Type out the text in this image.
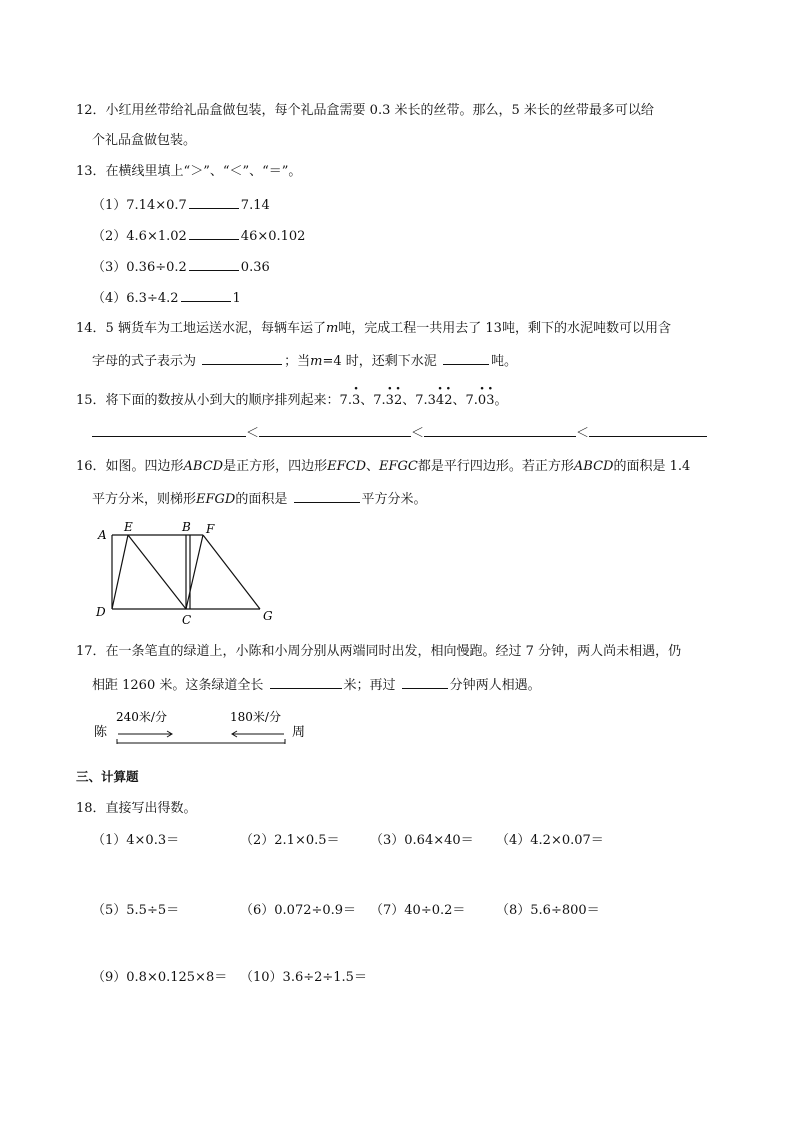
12．小红用丝带给礼品盒做包装，每个礼品盒需要 0.3 米长的丝带。那么，5 米长的丝带最多可以给
个礼品盒做包装。
13．在横线里填上“＞”、“＜”、“＝”。
（1）7.14×0.7	7.14
（2）4.6×1.02	46×0.102
（3）0.36÷0.2	0.36
（4）6.3÷4.2	1
14．5 辆货车为工地运送水泥，每辆车运了m吨，完成工程一共用去了 13吨，剩下的水泥吨数可以用含
字母的式子表示为	；当m=4 时，还剩下水泥	吨。
15．将下面的数按从小到大的顺序排列起来：7.3 ·、7.3 ·2 ·、7.34 ·2 ·、7.0 ·3 ·。
＜	＜	＜
16．如图。四边形ABCD是正方形，四边形EFCD、EFGC都是平行四边形。若正方形ABCD的面积是 1.4
平方分米，则梯形EFGD的面积是	平方分米。
A
E	B F
D
C	G
17．在一条笔直的绿道上，小陈和小周分别从两端同时出发，相向慢跑。经过 7 分钟，两人尚未相遇，仍
相距 1260 米。这条绿道全长	米；再过	分钟两人相遇。
陈
240米/分	180米/分
周
三、计算题
18．直接写出得数。
（1）4×0.3＝	（2）2.1×0.5＝ （3）0.64×40＝ （4）4.2×0.07＝
（5）5.5÷5＝	（6）0.072÷0.9＝ （7）40÷0.2＝ （8）5.6÷800＝
（9）0.8×0.125×8＝ （10）3.6÷2÷1.5＝
